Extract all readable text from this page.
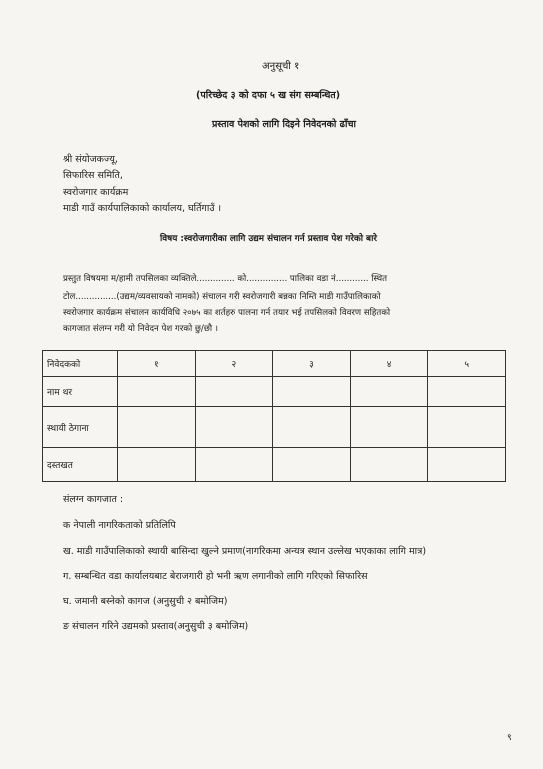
अनुसूची १
(परिच्छेद ३ को दफा ५ ख संग सम्बन्धित)
प्रस्ताव पेशको लागि दिइने निवेदनको ढाँचा
श्री संयोजकज्यू,
सिफारिस समिति,
स्वरोजगार कार्यक्रम
माडी गाउँ कार्यपालिकाको कार्यालय, घर्तिगाउँ ।
विषय :स्वरोजगारीका लागि उद्यम संचालन गर्न प्रस्ताव पेश गरेको बारे
प्रस्तुत विषयमा म/हामी तपसिलका व्यक्तिले.............. को............... पालिका वडा नं............ स्थित
टोल...............(उद्यम/व्यवसायको नामको) संचालन गरी स्वरोजगारी बन्नका निम्ति माडी गाउँपालिकाको
स्वरोजगार कार्यक्रम संचालन कार्यविधि २०७५ का शर्तहरु पालना गर्न तयार भई तपसिलको विवरण सहितको
कागजात संलग्न गरी यो निवेदन पेश गरको छु/छौ ।
निवेदकको	१	२	३	४	५
नाम थर					
स्थायी ठेगाना					
दस्तखत					
संलग्न कागजात :
क नेपाली नागरिकताको प्रतिलिपि
ख. माडी गाउँपालिकाको स्थायी बासिन्दा खुल्ने प्रमाण(नागरिकमा अन्यत्र स्थान उल्लेख भएकाका लागि मात्र)
ग. सम्बन्धित वडा कार्यालयबाट बेराजगारी हो भनी ऋण लगानीको लागि गरिएको सिफारिस
घ. जमानी बस्नेको कागज (अनुसुची २ बमोजिम)
ङ संचालन गरिने उद्यमको प्रस्ताव(अनुसुची ३ बमोजिम)
९
